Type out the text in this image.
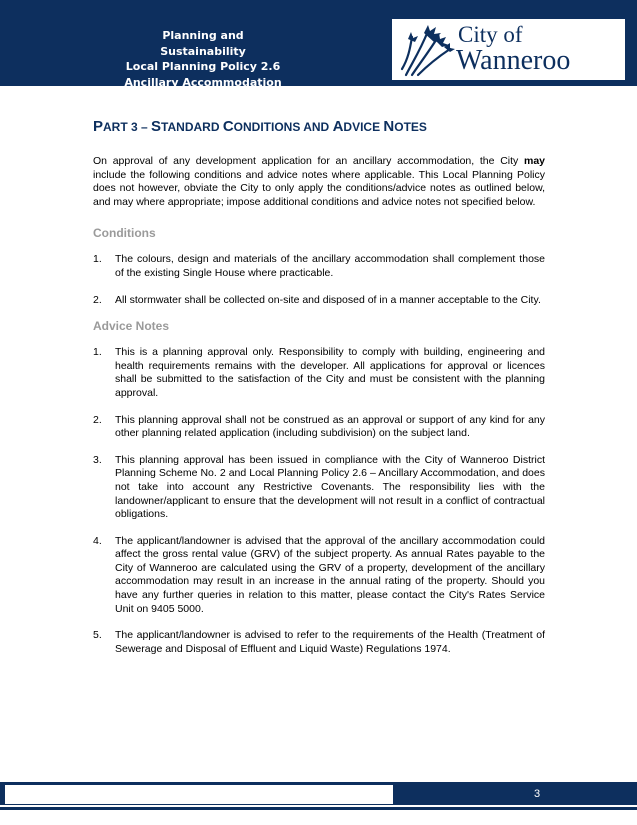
Planning and Sustainability
Local Planning Policy 2.6
Ancillary Accommodation
City of
Wanneroo
PART 3 – STANDARD CONDITIONS AND ADVICE NOTES

On approval of any development application for an ancillary accommodation, the City may include the following conditions and advice notes where applicable. This Local Planning Policy does not however, obviate the City to only apply the conditions/advice notes as outlined below, and may where appropriate; impose additional conditions and advice notes not specified below.

Conditions
1. The colours, design and materials of the ancillary accommodation shall complement those of the existing Single House where practicable.
2. All stormwater shall be collected on-site and disposed of in a manner acceptable to the City.
Advice Notes
1. This is a planning approval only. Responsibility to comply with building, engineering and health requirements remains with the developer. All applications for approval or licences shall be submitted to the satisfaction of the City and must be consistent with the planning approval.
2. This planning approval shall not be construed as an approval or support of any kind for any other planning related application (including subdivision) on the subject land.
3. This planning approval has been issued in compliance with the City of Wanneroo District Planning Scheme No. 2 and Local Planning Policy 2.6 – Ancillary Accommodation, and does not take into account any Restrictive Covenants. The responsibility lies with the landowner/applicant to ensure that the development will not result in a conflict of contractual obligations.
4. The applicant/landowner is advised that the approval of the ancillary accommodation could affect the gross rental value (GRV) of the subject property. As annual Rates payable to the City of Wanneroo are calculated using the GRV of a property, development of the ancillary accommodation may result in an increase in the annual rating of the property. Should you have any further queries in relation to this matter, please contact the City's Rates Service Unit on 9405 5000.
5. The applicant/landowner is advised to refer to the requirements of the Health (Treatment of Sewerage and Disposal of Effluent and Liquid Waste) Regulations 1974.
3
